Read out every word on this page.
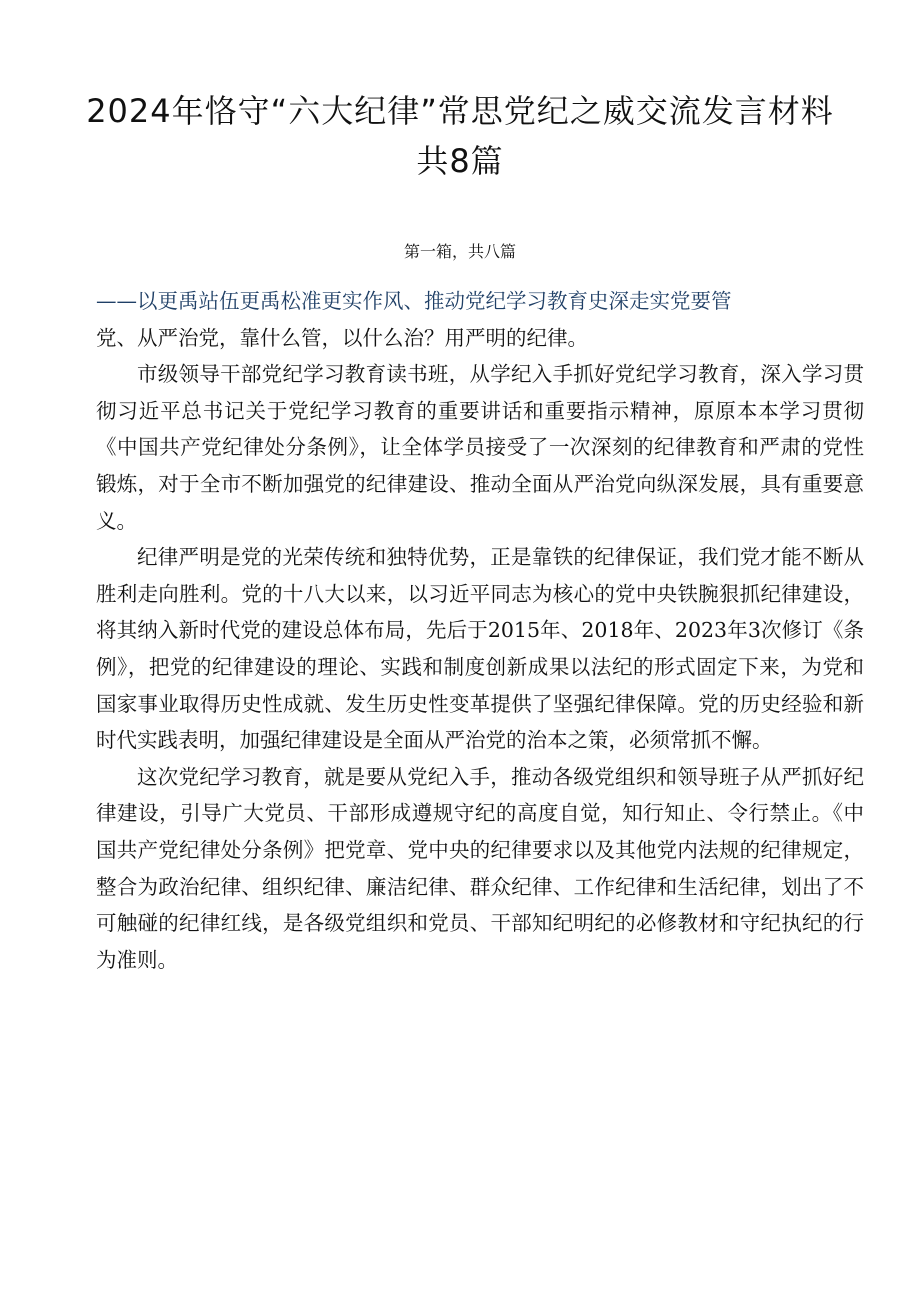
2024年恪守“六大纪律”常思党纪之威交流发言材料共8篇
第一箱，共八篇

——以更禹站伍更禹松准更实作风、推动党纪学习教育史深走实党要管

党、从严治党，靠什么管，以什么治？用严明的纪律。

市级领导干部党纪学习教育读书班，从学纪入手抓好党纪学习教育，深入学习贯彻习近平总书记关于党纪学习教育的重要讲话和重要指示精神，原原本本学习贯彻《中国共产党纪律处分条例》，让全体学员接受了一次深刻的纪律教育和严肃的党性锻炼，对于全市不断加强党的纪律建设、推动全面从严治党向纵深发展，具有重要意义。

纪律严明是党的光荣传统和独特优势，正是靠铁的纪律保证，我们党才能不断从胜利走向胜利。党的十八大以来，以习近平同志为核心的党中央铁腕狠抓纪律建设，将其纳入新时代党的建设总体布局，先后于2015年、2018年、2023年3次修订《条例》，把党的纪律建设的理论、实践和制度创新成果以法纪的形式固定下来，为党和国家事业取得历史性成就、发生历史性变革提供了坚强纪律保障。党的历史经验和新时代实践表明，加强纪律建设是全面从严治党的治本之策，必须常抓不懈。

这次党纪学习教育，就是要从党纪入手，推动各级党组织和领导班子从严抓好纪律建设，引导广大党员、干部形成遵规守纪的高度自觉，知行知止、令行禁止。《中国共产党纪律处分条例》把党章、党中央的纪律要求以及其他党内法规的纪律规定，整合为政治纪律、组织纪律、廉洁纪律、群众纪律、工作纪律和生活纪律，划出了不可触碰的纪律红线，是各级党组织和党员、干部知纪明纪的必修教材和守纪执纪的行为准则。
